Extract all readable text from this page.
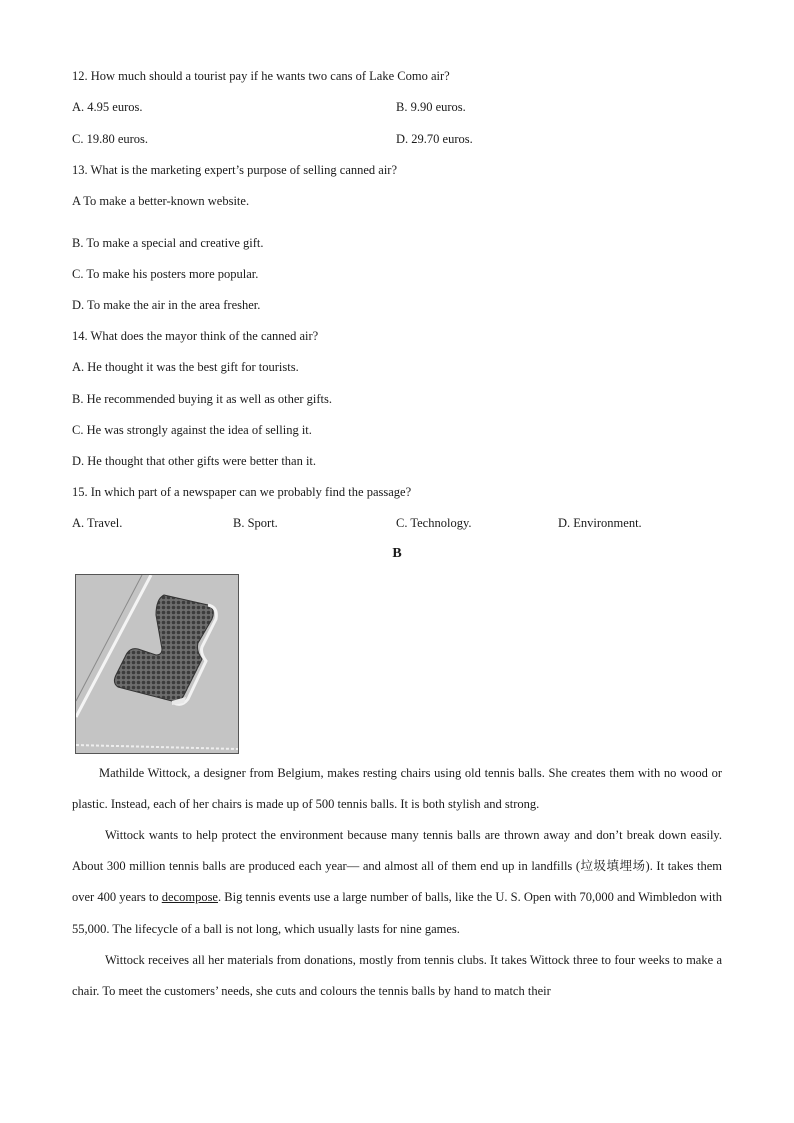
12. How much should a tourist pay if he wants two cans of Lake Como air?
A. 4.95 euros.	B. 9.90 euros.
C. 19.80 euros.	D. 29.70 euros.
13. What is the marketing expert’s purpose of selling canned air?
A To make a better-known website.
B. To make a special and creative gift.
C. To make his posters more popular.
D. To make the air in the area fresher.
14. What does the mayor think of the canned air?
A. He thought it was the best gift for tourists.
B. He recommended buying it as well as other gifts.
C. He was strongly against the idea of selling it.
D. He thought that other gifts were better than it.
15. In which part of a newspaper can we probably find the passage?
A. Travel.	B. Sport.	C. Technology.	D. Environment.
B
Mathilde Wittock, a designer from Belgium, makes resting chairs using old tennis balls. She creates them with no wood or plastic. Instead, each of her chairs is made up of 500 tennis balls. It is both stylish and strong.
Wittock wants to help protect the environment because many tennis balls are thrown away and don’t break down easily. About 300 million tennis balls are produced each year— and almost all of them end up in landfills (垃圾填埋场). It takes them over 400 years to decompose. Big tennis events use a large number of balls, like the U. S. Open with 70,000 and Wimbledon with 55,000. The lifecycle of a ball is not long, which usually lasts for nine games.
Wittock receives all her materials from donations, mostly from tennis clubs. It takes Wittock three to four weeks to make a chair. To meet the customers’ needs, she cuts and colours the tennis balls by hand to match their
